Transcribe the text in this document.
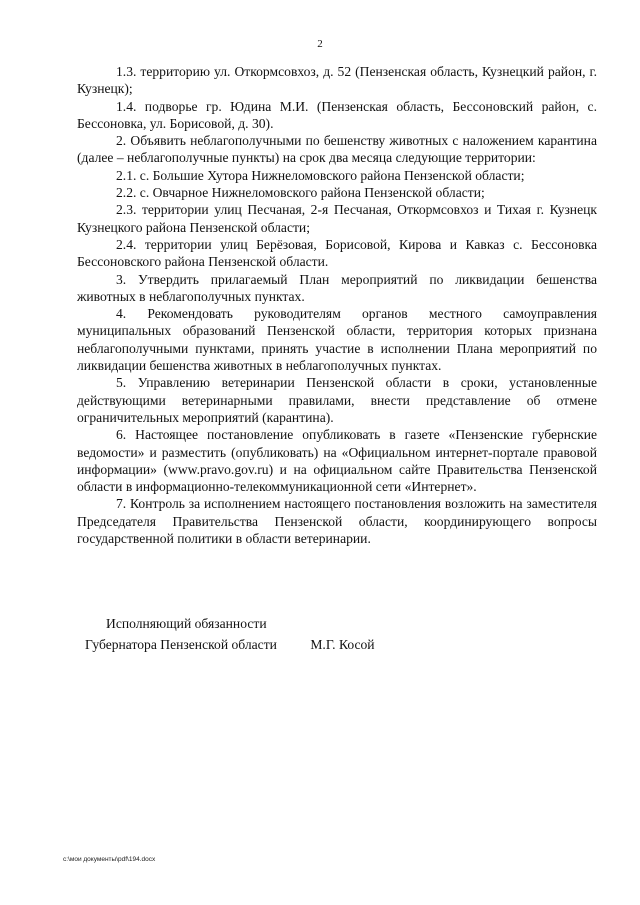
2

1.3. территорию ул. Откормсовхоз, д. 52 (Пензенская область, Кузнецкий район, г. Кузнецк);

1.4. подворье гр. Юдина М.И. (Пензенская область, Бессоновский район, с. Бессоновка, ул. Борисовой, д. 30).

2. Объявить неблагополучными по бешенству животных с наложением карантина (далее – неблагополучные пункты) на срок два месяца следующие территории:

2.1. с. Большие Хутора Нижнеломовского района Пензенской области;

2.2. с. Овчарное Нижнеломовского района Пензенской области;

2.3. территории улиц Песчаная, 2-я Песчаная, Откормсовхоз и Тихая г. Кузнецк Кузнецкого района Пензенской области;

2.4. территории улиц Берёзовая, Борисовой, Кирова и Кавказ с. Бессоновка Бессоновского района Пензенской области.

3. Утвердить прилагаемый План мероприятий по ликвидации бешенства животных в неблагополучных пунктах.

4. Рекомендовать руководителям органов местного самоуправления муниципальных образований Пензенской области, территория которых признана неблагополучными пунктами, принять участие в исполнении Плана мероприятий по ликвидации бешенства животных в неблагополучных пунктах.

5. Управлению ветеринарии Пензенской области в сроки, установленные действующими ветеринарными правилами, внести представление об отмене ограничительных мероприятий (карантина).

6. Настоящее постановление опубликовать в газете «Пензенские губернские ведомости» и разместить (опубликовать) на «Официальном интернет-портале правовой информации» (www.pravo.gov.ru) и на официальном сайте Правительства Пензенской области в информационно-телекоммуникационной сети «Интернет».

7. Контроль за исполнением настоящего постановления возложить на заместителя Председателя Правительства Пензенской области, координирующего вопросы государственной политики в области ветеринарии.

Исполняющий обязанности
Губернатора Пензенской области М.Г. Косой
c:\мои документы\pdf\194.docx
